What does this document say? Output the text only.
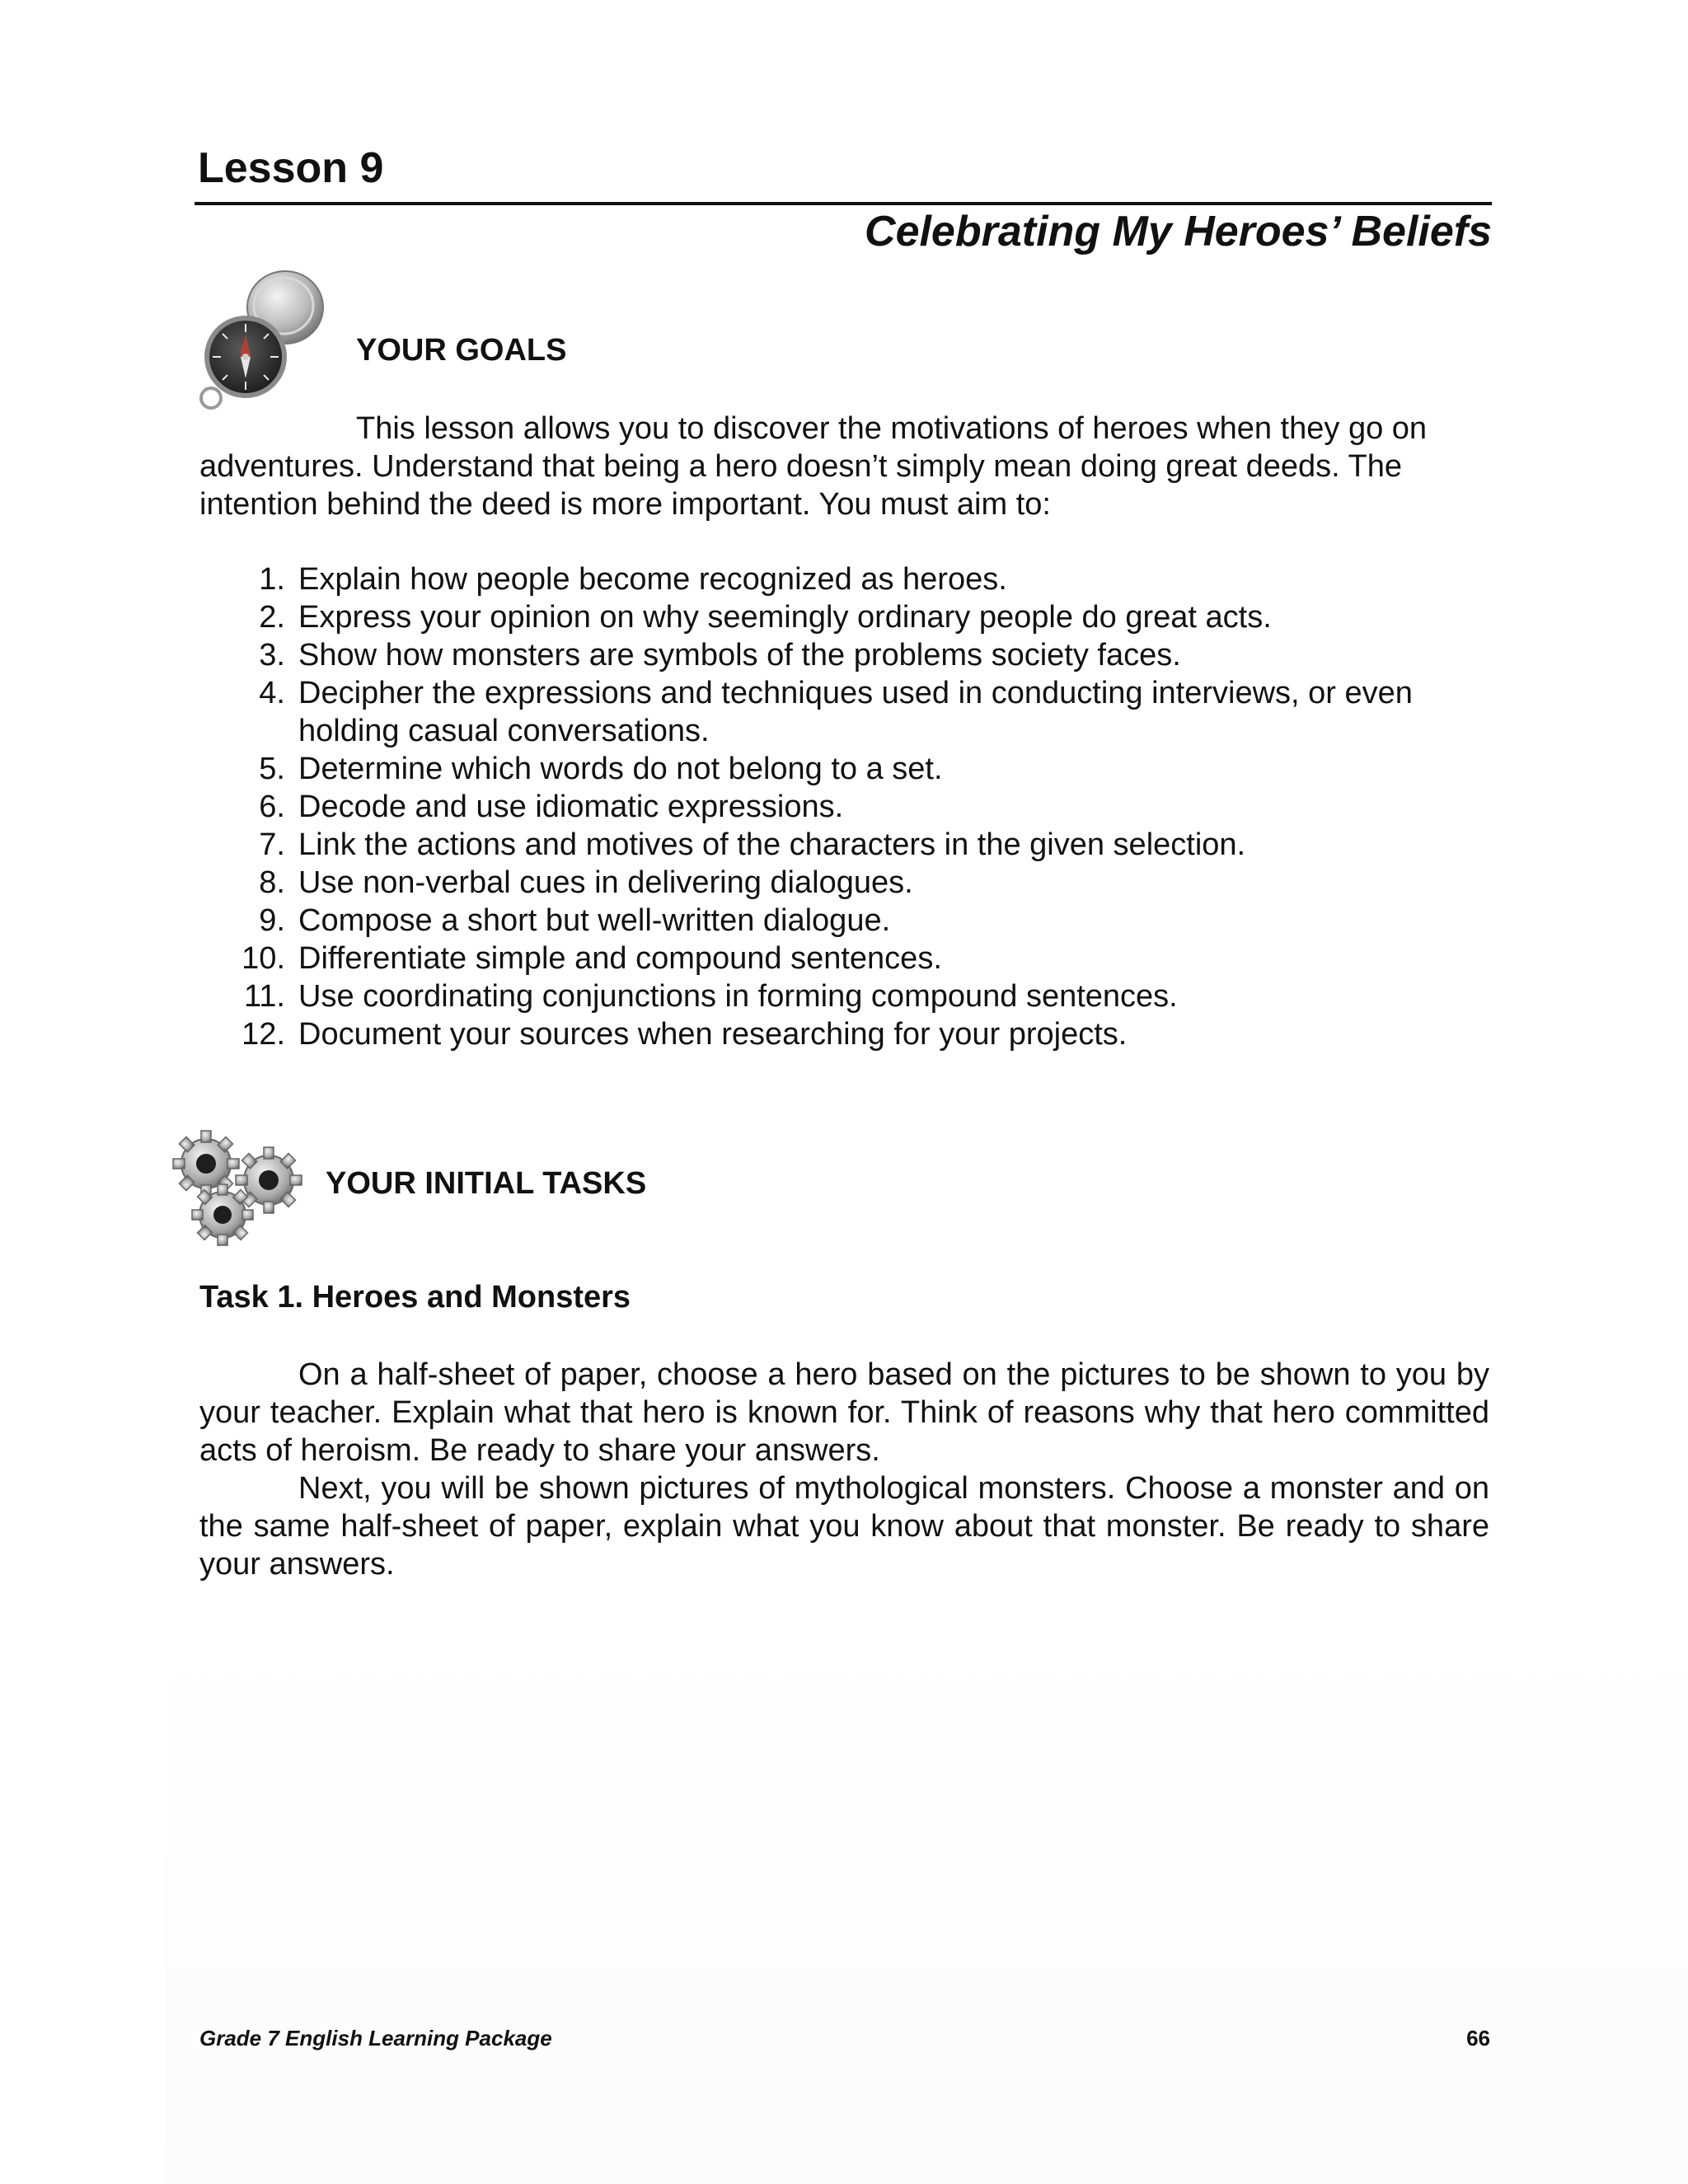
Lesson 9
Celebrating My Heroes’ Beliefs
YOUR GOALS
This lesson allows you to discover the motivations of heroes when they go on adventures. Understand that being a hero doesn’t simply mean doing great deeds. The intention behind the deed is more important. You must aim to:
1. Explain how people become recognized as heroes.
2. Express your opinion on why seemingly ordinary people do great acts.
3. Show how monsters are symbols of the problems society faces.
4. Decipher the expressions and techniques used in conducting interviews, or even holding casual conversations.
5. Determine which words do not belong to a set.
6. Decode and use idiomatic expressions.
7. Link the actions and motives of the characters in the given selection.
8. Use non-verbal cues in delivering dialogues.
9. Compose a short but well-written dialogue.
10. Differentiate simple and compound sentences.
11. Use coordinating conjunctions in forming compound sentences.
12. Document your sources when researching for your projects.
YOUR INITIAL TASKS
Task 1. Heroes and Monsters
On a half-sheet of paper, choose a hero based on the pictures to be shown to you by your teacher. Explain what that hero is known for. Think of reasons why that hero committed acts of heroism. Be ready to share your answers.
Next, you will be shown pictures of mythological monsters. Choose a monster and on the same half-sheet of paper, explain what you know about that monster. Be ready to share your answers.
Grade 7 English Learning Package	66
